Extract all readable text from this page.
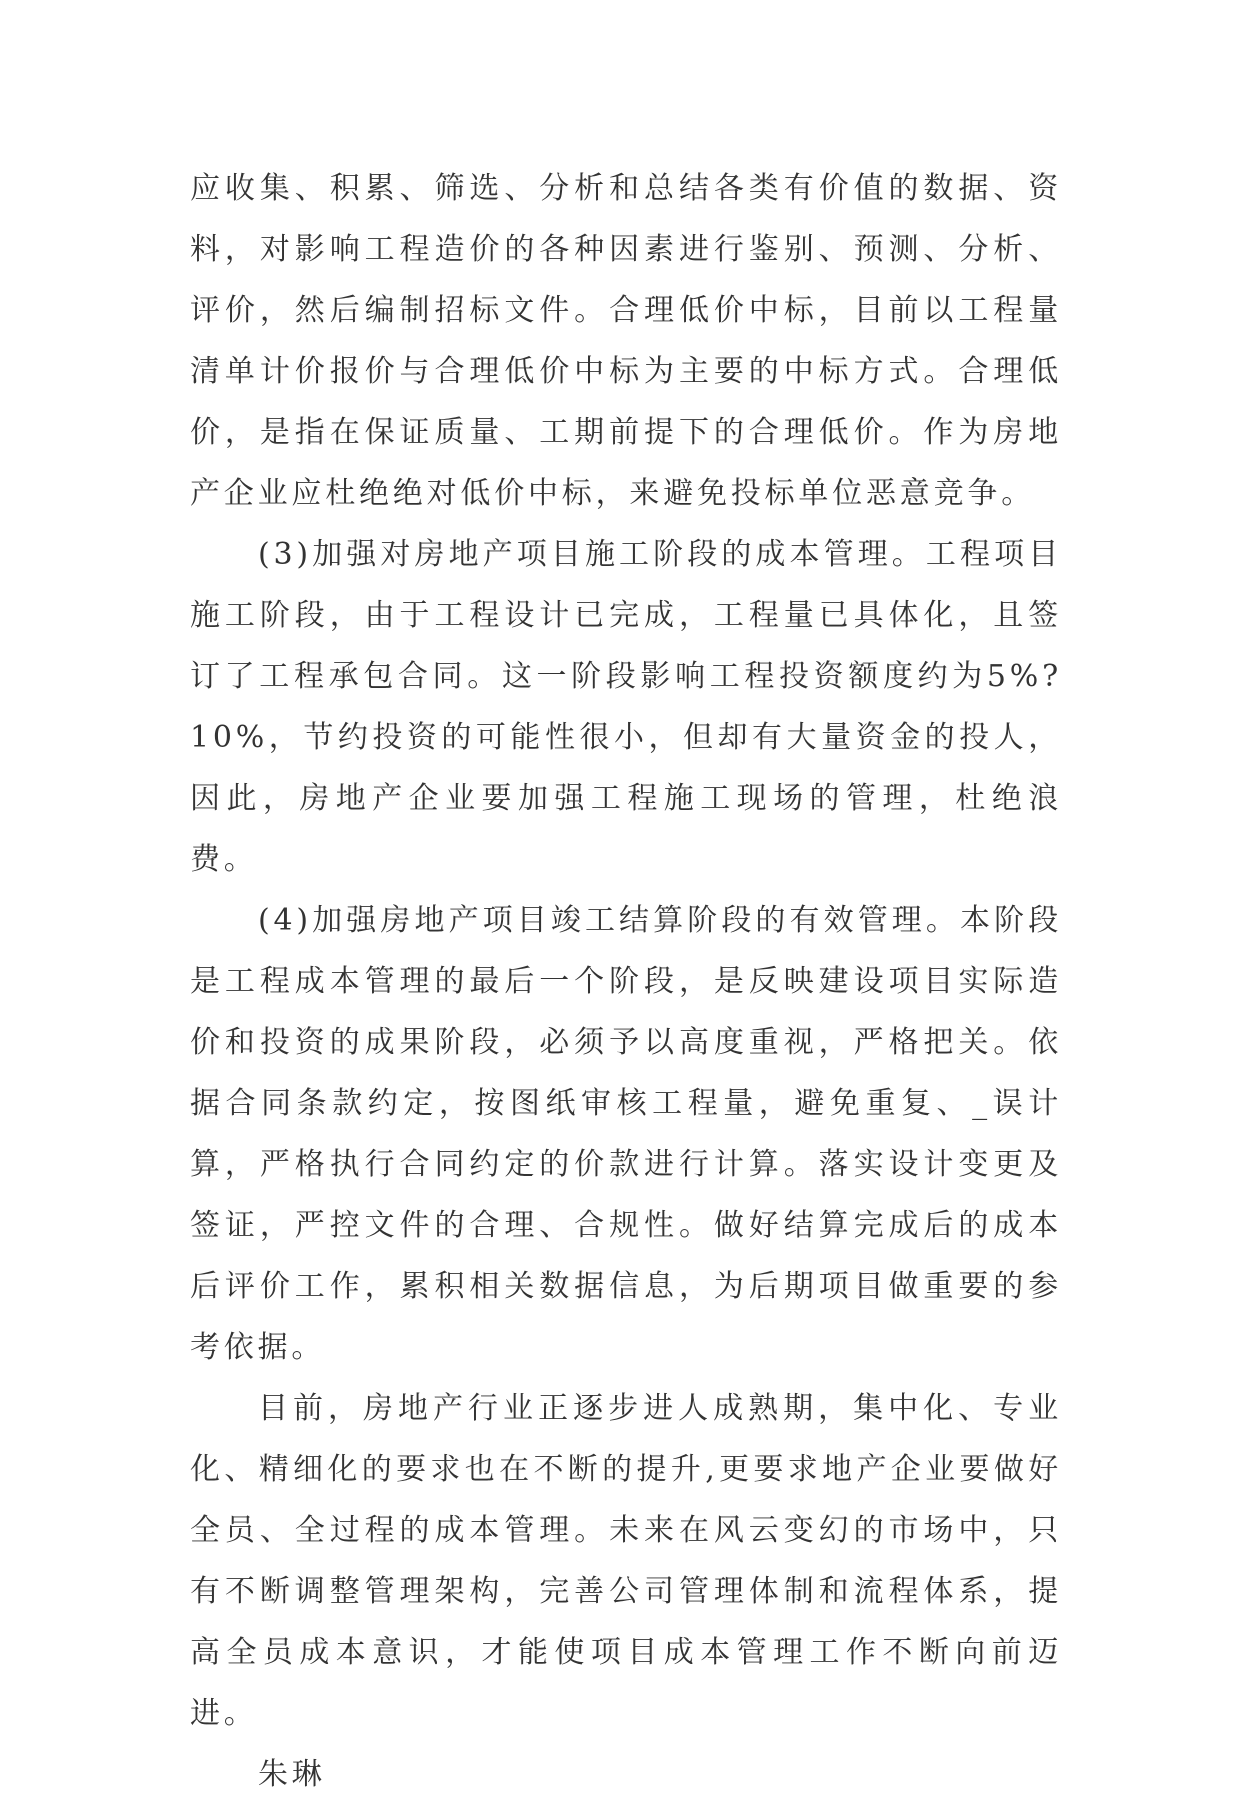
应收集、积累、筛选、分析和总结各类有价值的数据、资料，对影响工程造价的各种因素进行鉴别、预测、分析、评价，然后编制招标文件。合理低价中标，目前以工程量清单计价报价与合理低价中标为主要的中标方式。合理低价，是指在保证质量、工期前提下的合理低价。作为房地产企业应杜绝绝对低价中标，来避免投标单位恶意竞争。

(3)加强对房地产项目施工阶段的成本管理。工程项目施工阶段，由于工程设计已完成，工程量已具体化，且签订了工程承包合同。这一阶段影响工程投资额度约为5%?10%，节约投资的可能性很小，但却有大量资金的投人，因此，房地产企业要加强工程施工现场的管理，杜绝浪费。

(4)加强房地产项目竣工结算阶段的有效管理。本阶段是工程成本管理的最后一个阶段，是反映建设项目实际造价和投资的成果阶段，必须予以高度重视，严格把关。依据合同条款约定，按图纸审核工程量，避免重复、_误计算，严格执行合同约定的价款进行计算。落实设计变更及签证，严控文件的合理、合规性。做好结算完成后的成本后评价工作，累积相关数据信息，为后期项目做重要的参考依据。

目前，房地产行业正逐步进人成熟期，集中化、专业化、精细化的要求也在不断的提升,更要求地产企业要做好全员、全过程的成本管理。未来在风云变幻的市场中，只有不断调整管理架构，完善公司管理体制和流程体系，提高全员成本意识，才能使项目成本管理工作不断向前迈进。

朱琳
